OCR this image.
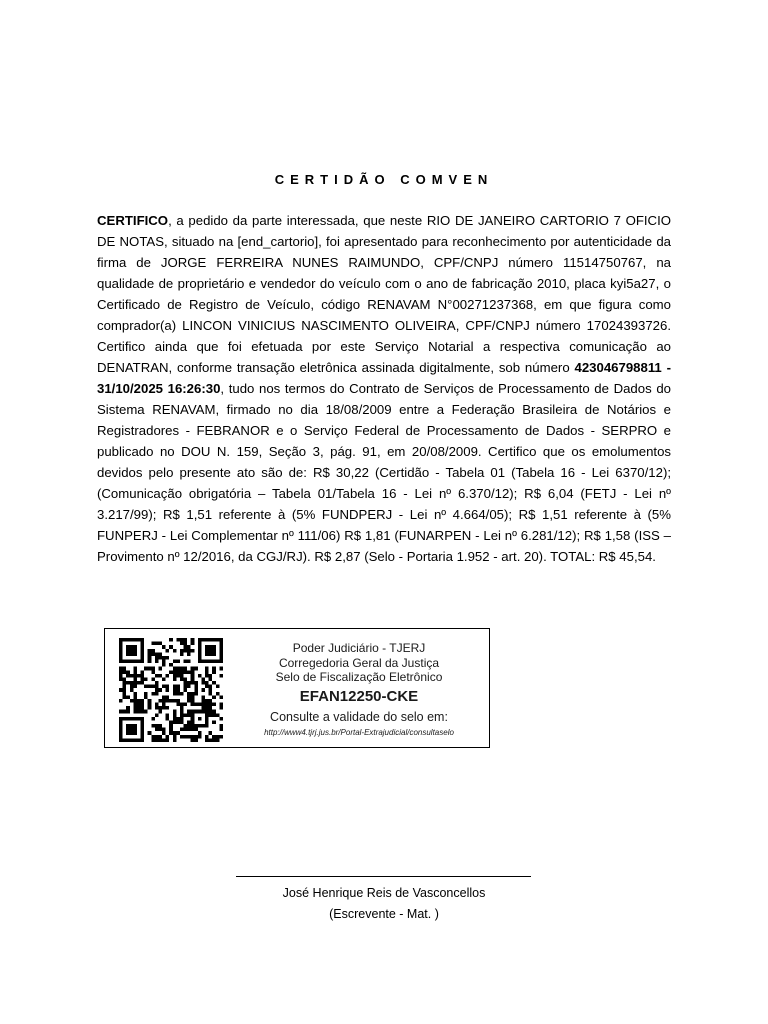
CERTIDÃO COMVEN
CERTIFICO, a pedido da parte interessada, que neste RIO DE JANEIRO CARTORIO 7 OFICIO DE NOTAS, situado na [end_cartorio], foi apresentado para reconhecimento por autenticidade da firma de JORGE FERREIRA NUNES RAIMUNDO, CPF/CNPJ número 11514750767, na qualidade de proprietário e vendedor do veículo com o ano de fabricação 2010, placa kyi5a27, o Certificado de Registro de Veículo, código RENAVAM N°00271237368, em que figura como comprador(a) LINCON VINICIUS NASCIMENTO OLIVEIRA, CPF/CNPJ número 17024393726. Certifico ainda que foi efetuada por este Serviço Notarial a respectiva comunicação ao DENATRAN, conforme transação eletrônica assinada digitalmente, sob número 423046798811 - 31/10/2025 16:26:30, tudo nos termos do Contrato de Serviços de Processamento de Dados do Sistema RENAVAM, firmado no dia 18/08/2009 entre a Federação Brasileira de Notários e Registradores - FEBRANOR e o Serviço Federal de Processamento de Dados - SERPRO e publicado no DOU N. 159, Seção 3, pág. 91, em 20/08/2009. Certifico que os emolumentos devidos pelo presente ato são de: R$ 30,22 (Certidão - Tabela 01 (Tabela 16 - Lei 6370/12); (Comunicação obrigatória – Tabela 01/Tabela 16 - Lei nº 6.370/12); R$ 6,04 (FETJ - Lei nº 3.217/99); R$ 1,51 referente à (5% FUNDPERJ - Lei nº 4.664/05); R$ 1,51 referente à (5% FUNPERJ - Lei Complementar nº 111/06) R$ 1,81 (FUNARPEN - Lei nº 6.281/12); R$ 1,58 (ISS – Provimento nº 12/2016, da CGJ/RJ). R$ 2,87 (Selo - Portaria 1.952 - art. 20). TOTAL: R$ 45,54.
Poder Judiciário - TJERJ
Corregedoria Geral da Justiça
Selo de Fiscalização Eletrônico
EFAN12250-CKE
Consulte a validade do selo em:
http://www4.tjrj.jus.br/Portal-Extrajudicial/consultaselo
José Henrique Reis de Vasconcellos
(Escrevente - Mat. )
